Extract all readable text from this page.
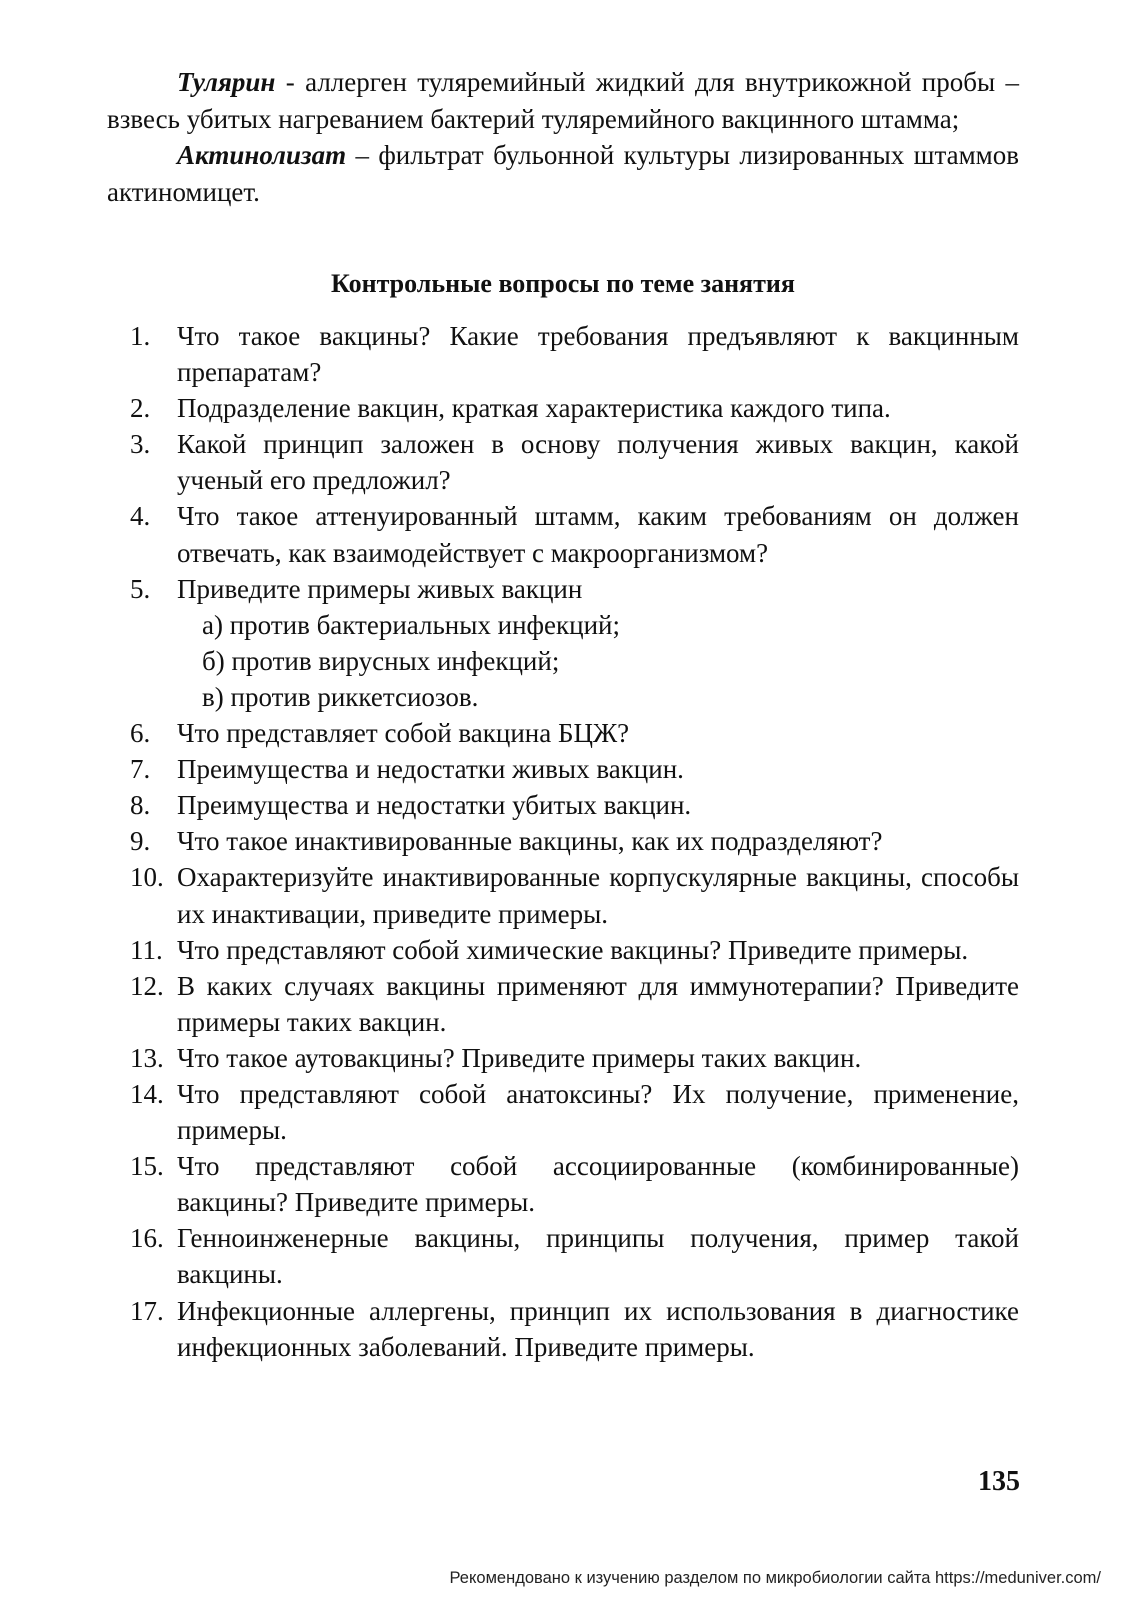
Тулярин - аллерген туляремийный жидкий для внутрикожной пробы – взвесь убитых нагреванием бактерий туляремийного вакцинного штамма;

Актинолизат – фильтрат бульонной культуры лизированных штаммов актиномицет.

Контрольные вопросы по теме занятия
1. Что такое вакцины? Какие требования предъявляют к вакцинным препаратам?
2. Подразделение вакцин, краткая характеристика каждого типа.
3. Какой принцип заложен в основу получения живых вакцин, какой ученый его предложил?
4. Что такое аттенуированный штамм, каким требованиям он должен отвечать, как взаимодействует с макроорганизмом?
5. Приведите примеры живых вакцин
а) против бактериальных инфекций;
б) против вирусных инфекций;
в) против риккетсиозов.
6. Что представляет собой вакцина БЦЖ?
7. Преимущества и недостатки живых вакцин.
8. Преимущества и недостатки убитых вакцин.
9. Что такое инактивированные вакцины, как их подразделяют?
10. Охарактеризуйте инактивированные корпускулярные вакцины, способы их инактивации, приведите примеры.
11. Что представляют собой химические вакцины? Приведите примеры.
12. В каких случаях вакцины применяют для иммунотерапии? Приведите примеры таких вакцин.
13. Что такое аутовакцины? Приведите примеры таких вакцин.
14. Что представляют собой анатоксины? Их получение, применение, примеры.
15. Что представляют собой ассоциированные (комбинированные) вакцины? Приведите примеры.
16. Генноинженерные вакцины, принципы получения, пример такой вакцины.
17. Инфекционные аллергены, принцип их использования в диагностике инфекционных заболеваний. Приведите примеры.
135
Рекомендовано к изучению разделом по микробиологии сайта https://meduniver.com/
